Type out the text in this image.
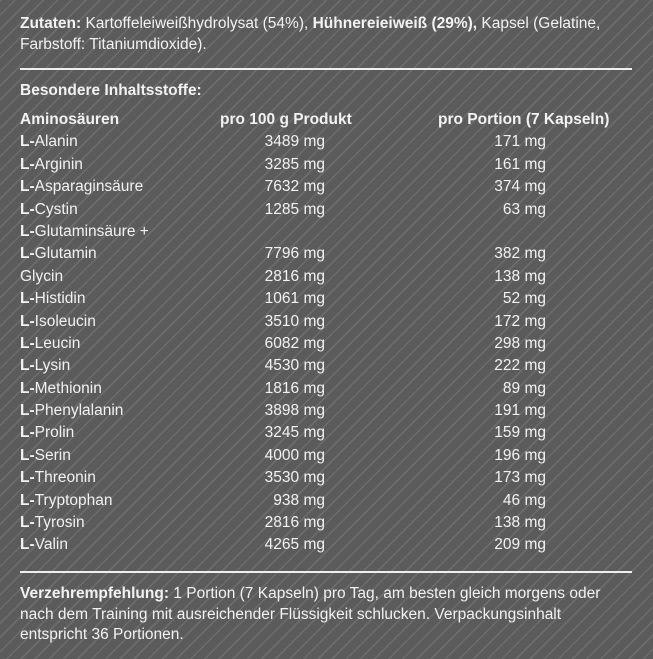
Zutaten: Kartoffeleiweißhydrolysat (54%), Hühnereieiweiß (29%), Kapsel (Gelatine, Farbstoff: Titaniumdioxide).
Besondere Inhaltsstoffe:
Aminosäuren	pro 100 g Produkt	pro Portion (7 Kapseln)
L-Alanin	3489 mg	171 mg
L-Arginin	3285 mg	161 mg
L-Asparaginsäure	7632 mg	374 mg
L-Cystin	1285 mg	63 mg
L-Glutaminsäure +
L-Glutamin	7796 mg	382 mg
Glycin	2816 mg	138 mg
L-Histidin	1061 mg	52 mg
L-Isoleucin	3510 mg	172 mg
L-Leucin	6082 mg	298 mg
L-Lysin	4530 mg	222 mg
L-Methionin	1816 mg	89 mg
L-Phenylalanin	3898 mg	191 mg
L-Prolin	3245 mg	159 mg
L-Serin	4000 mg	196 mg
L-Threonin	3530 mg	173 mg
L-Tryptophan	938 mg	46 mg
L-Tyrosin	2816 mg	138 mg
L-Valin	4265 mg	209 mg
Verzehrempfehlung: 1 Portion (7 Kapseln) pro Tag, am besten gleich morgens oder nach dem Training mit ausreichender Flüssigkeit schlucken. Verpackungsinhalt entspricht 36 Portionen.
